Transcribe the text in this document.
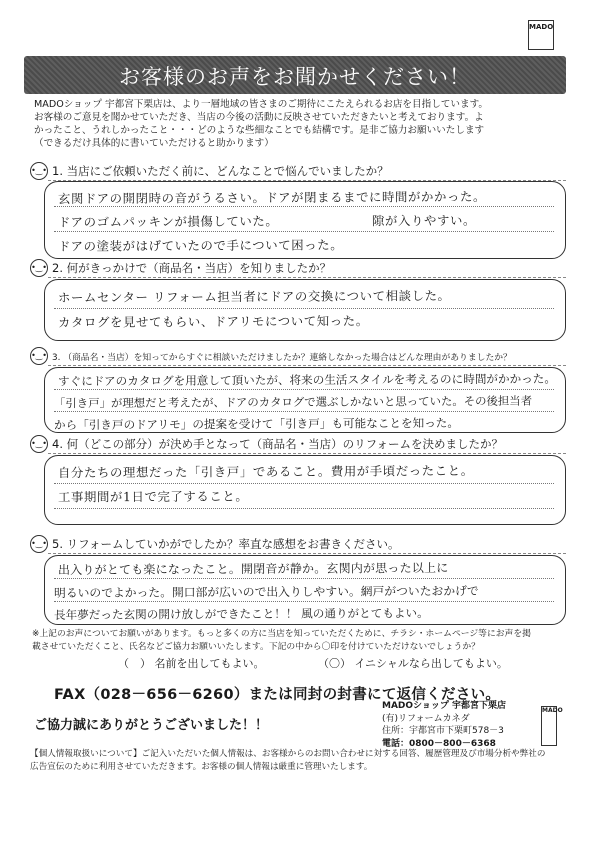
MADO
お客様のお声をお聞かせください！

MADOショップ 宇都宮下栗店は、より一層地域の皆さまのご期待にこたえられるお店を目指しています。

お客様のご意見を聞かせていただき、当店の今後の活動に反映させていただきたいと考えております。よ

かったこと、うれしかったこと・・・どのような些細なことでも結構です。是非ご協力お願いいたします

（できるだけ具体的に書いていただけると助かります）

•‿• 1. 当店にご依頼いただく前に、どんなことで悩んでいましたか？
玄関ドアの開閉時の音がうるさい。ドアが閉まるまでに時間がかかった。
ドアのゴムパッキンが損傷していた。	隙が入りやすい。
ドアの塗装がはげていたので手について困った。
•‿• 2. 何がきっかけで（商品名・当店）を知りましたか？
ホームセンター リフォーム担当者にドアの交換について相談した。
カタログを見せてもらい、ドアリモについて知った。
•‿• 3. （商品名・当店）を知ってからすぐに相談いただけましたか？連絡しなかった場合はどんな理由がありましたか？
すぐにドアのカタログを用意して頂いたが、将来の生活スタイルを考えるのに時間がかかった。
「引き戸」が理想だと考えたが、ドアのカタログで選ぶしかないと思っていた。その後担当者
から「引き戸のドアリモ」の提案を受けて「引き戸」も可能なことを知った。
•‿• 4. 何（どこの部分）が決め手となって（商品名・当店）のリフォームを決めましたか？
自分たちの理想だった「引き戸」であること。費用が手頃だったこと。
工事期間が1日で完了すること。
•‿• 5. リフォームしていかがでしたか？率直な感想をお書きください。
出入りがとても楽になったこと。開閉音が静か。玄関内が思った以上に
明るいのでよかった。開口部が広いので出入りしやすい。網戸がついたおかげで
長年夢だった玄関の開け放しができたこと！！ 風の通りがとてもよい。

※上記のお声についてお願いがあります。もっと多くの方に当店を知っていただくために、チラシ・ホームページ等にお声を掲

載させていただくこと、氏名などご協力お願いいたします。下記の中から〇印を付けていただけないでしょうか？

（　） 名前を出してもよい。	（〇） イニシャルなら出してもよい。
FAX（028－656－6260）または同封の封書にて返信ください。
ご協力誠にありがとうございました！！
MADOショップ 宇都宮下栗店
(有)リフォームカネダ
住所：宇都宮市下栗町578－3
電話：0800－800－6368
MADO

【個人情報取扱いについて】ご記入いただいた個人情報は、お客様からのお問い合わせに対する回答、履歴管理及び市場分析や弊社の

広告宣伝のために利用させていただきます。お客様の個人情報は厳重に管理いたします。
